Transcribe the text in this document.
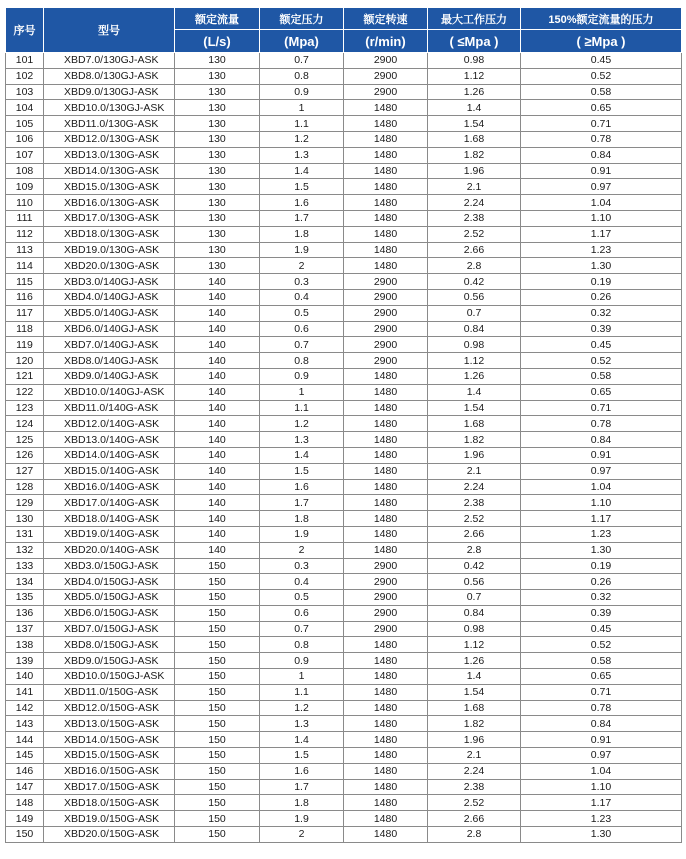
序号	型号	额定流量	额定压力	额定转速	最大工作压力	150%额定流量的压力
		(L/s)	(Mpa)	(r/min)	( ≤Mpa )	( ≥Mpa )
101	XBD7.0/130GJ-ASK	130	0.7	2900	0.98	0.45
102	XBD8.0/130GJ-ASK	130	0.8	2900	1.12	0.52
103	XBD9.0/130GJ-ASK	130	0.9	2900	1.26	0.58
104	XBD10.0/130GJ-ASK	130	1	1480	1.4	0.65
105	XBD11.0/130G-ASK	130	1.1	1480	1.54	0.71
106	XBD12.0/130G-ASK	130	1.2	1480	1.68	0.78
107	XBD13.0/130G-ASK	130	1.3	1480	1.82	0.84
108	XBD14.0/130G-ASK	130	1.4	1480	1.96	0.91
109	XBD15.0/130G-ASK	130	1.5	1480	2.1	0.97
110	XBD16.0/130G-ASK	130	1.6	1480	2.24	1.04
111	XBD17.0/130G-ASK	130	1.7	1480	2.38	1.10
112	XBD18.0/130G-ASK	130	1.8	1480	2.52	1.17
113	XBD19.0/130G-ASK	130	1.9	1480	2.66	1.23
114	XBD20.0/130G-ASK	130	2	1480	2.8	1.30
115	XBD3.0/140GJ-ASK	140	0.3	2900	0.42	0.19
116	XBD4.0/140GJ-ASK	140	0.4	2900	0.56	0.26
117	XBD5.0/140GJ-ASK	140	0.5	2900	0.7	0.32
118	XBD6.0/140GJ-ASK	140	0.6	2900	0.84	0.39
119	XBD7.0/140GJ-ASK	140	0.7	2900	0.98	0.45
120	XBD8.0/140GJ-ASK	140	0.8	2900	1.12	0.52
121	XBD9.0/140GJ-ASK	140	0.9	1480	1.26	0.58
122	XBD10.0/140GJ-ASK	140	1	1480	1.4	0.65
123	XBD11.0/140G-ASK	140	1.1	1480	1.54	0.71
124	XBD12.0/140G-ASK	140	1.2	1480	1.68	0.78
125	XBD13.0/140G-ASK	140	1.3	1480	1.82	0.84
126	XBD14.0/140G-ASK	140	1.4	1480	1.96	0.91
127	XBD15.0/140G-ASK	140	1.5	1480	2.1	0.97
128	XBD16.0/140G-ASK	140	1.6	1480	2.24	1.04
129	XBD17.0/140G-ASK	140	1.7	1480	2.38	1.10
130	XBD18.0/140G-ASK	140	1.8	1480	2.52	1.17
131	XBD19.0/140G-ASK	140	1.9	1480	2.66	1.23
132	XBD20.0/140G-ASK	140	2	1480	2.8	1.30
133	XBD3.0/150GJ-ASK	150	0.3	2900	0.42	0.19
134	XBD4.0/150GJ-ASK	150	0.4	2900	0.56	0.26
135	XBD5.0/150GJ-ASK	150	0.5	2900	0.7	0.32
136	XBD6.0/150GJ-ASK	150	0.6	2900	0.84	0.39
137	XBD7.0/150GJ-ASK	150	0.7	2900	0.98	0.45
138	XBD8.0/150GJ-ASK	150	0.8	1480	1.12	0.52
139	XBD9.0/150GJ-ASK	150	0.9	1480	1.26	0.58
140	XBD10.0/150GJ-ASK	150	1	1480	1.4	0.65
141	XBD11.0/150G-ASK	150	1.1	1480	1.54	0.71
142	XBD12.0/150G-ASK	150	1.2	1480	1.68	0.78
143	XBD13.0/150G-ASK	150	1.3	1480	1.82	0.84
144	XBD14.0/150G-ASK	150	1.4	1480	1.96	0.91
145	XBD15.0/150G-ASK	150	1.5	1480	2.1	0.97
146	XBD16.0/150G-ASK	150	1.6	1480	2.24	1.04
147	XBD17.0/150G-ASK	150	1.7	1480	2.38	1.10
148	XBD18.0/150G-ASK	150	1.8	1480	2.52	1.17
149	XBD19.0/150G-ASK	150	1.9	1480	2.66	1.23
150	XBD20.0/150G-ASK	150	2	1480	2.8	1.30
